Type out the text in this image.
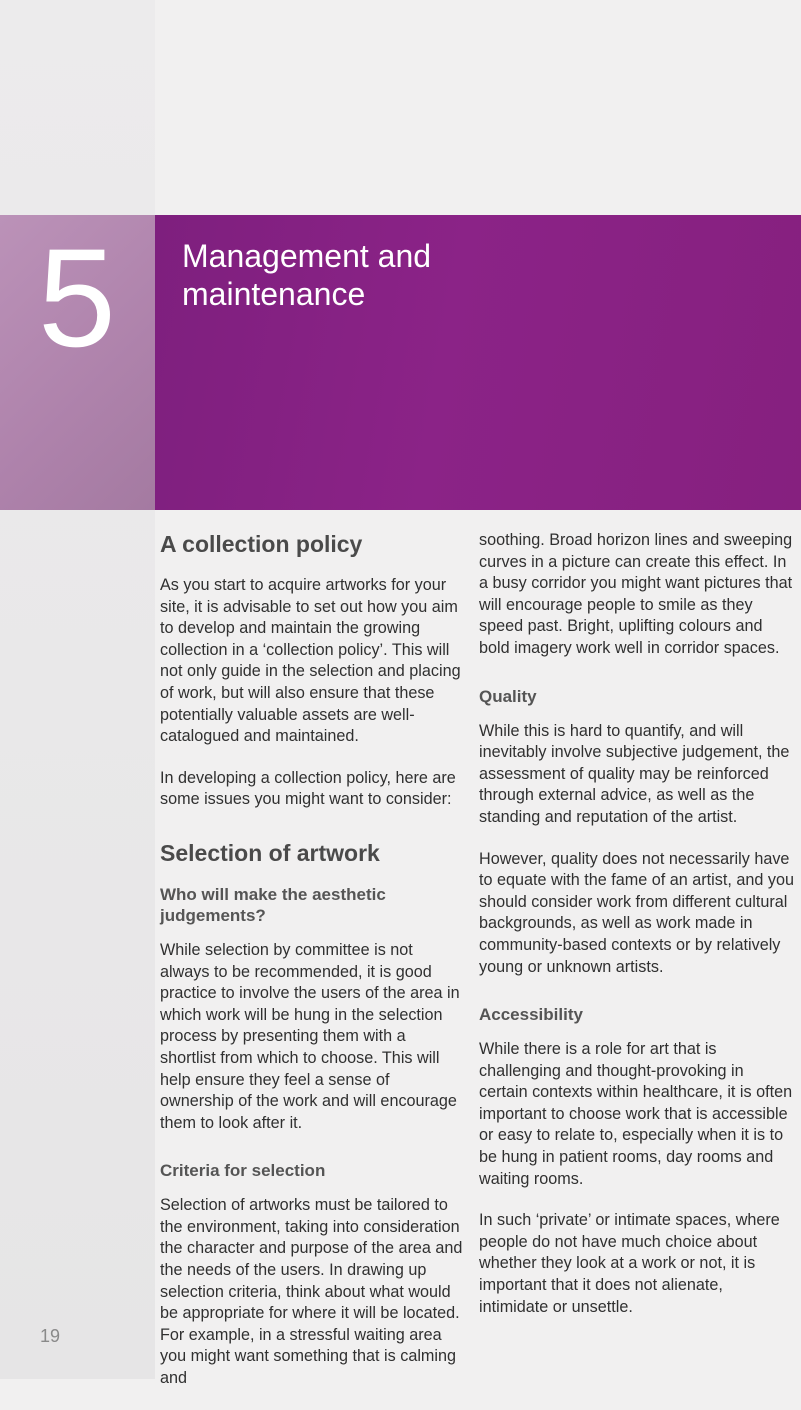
5 Management and
maintenance
A collection policy

As you start to acquire artworks for your site, it is advisable to set out how you aim to develop and maintain the growing collection in a ‘collection policy’. This will not only guide in the selection and placing of work, but will also ensure that these potentially valuable assets are well-catalogued and maintained.

In developing a collection policy, here are some issues you might want to consider:

Selection of artwork
Who will make the aesthetic judgements?

While selection by committee is not always to be recommended, it is good practice to involve the users of the area in which work will be hung in the selection process by presenting them with a shortlist from which to choose. This will help ensure they feel a sense of ownership of the work and will encourage them to look after it.

Criteria for selection

Selection of artworks must be tailored to the environment, taking into consideration the character and purpose of the area and the needs of the users. In drawing up selection criteria, think about what would be appropriate for where it will be located. For example, in a stressful waiting area you might want something that is calming and

soothing. Broad horizon lines and sweeping curves in a picture can create this effect. In a busy corridor you might want pictures that will encourage people to smile as they speed past. Bright, uplifting colours and bold imagery work well in corridor spaces.

Quality

While this is hard to quantify, and will inevitably involve subjective judgement, the assessment of quality may be reinforced through external advice, as well as the standing and reputation of the artist.

However, quality does not necessarily have to equate with the fame of an artist, and you should consider work from different cultural backgrounds, as well as work made in community-based contexts or by relatively young or unknown artists.

Accessibility

While there is a role for art that is challenging and thought-provoking in certain contexts within healthcare, it is often important to choose work that is accessible or easy to relate to, especially when it is to be hung in patient rooms, day rooms and waiting rooms.

In such ‘private’ or intimate spaces, where people do not have much choice about whether they look at a work or not, it is important that it does not alienate, intimidate or unsettle.

19
